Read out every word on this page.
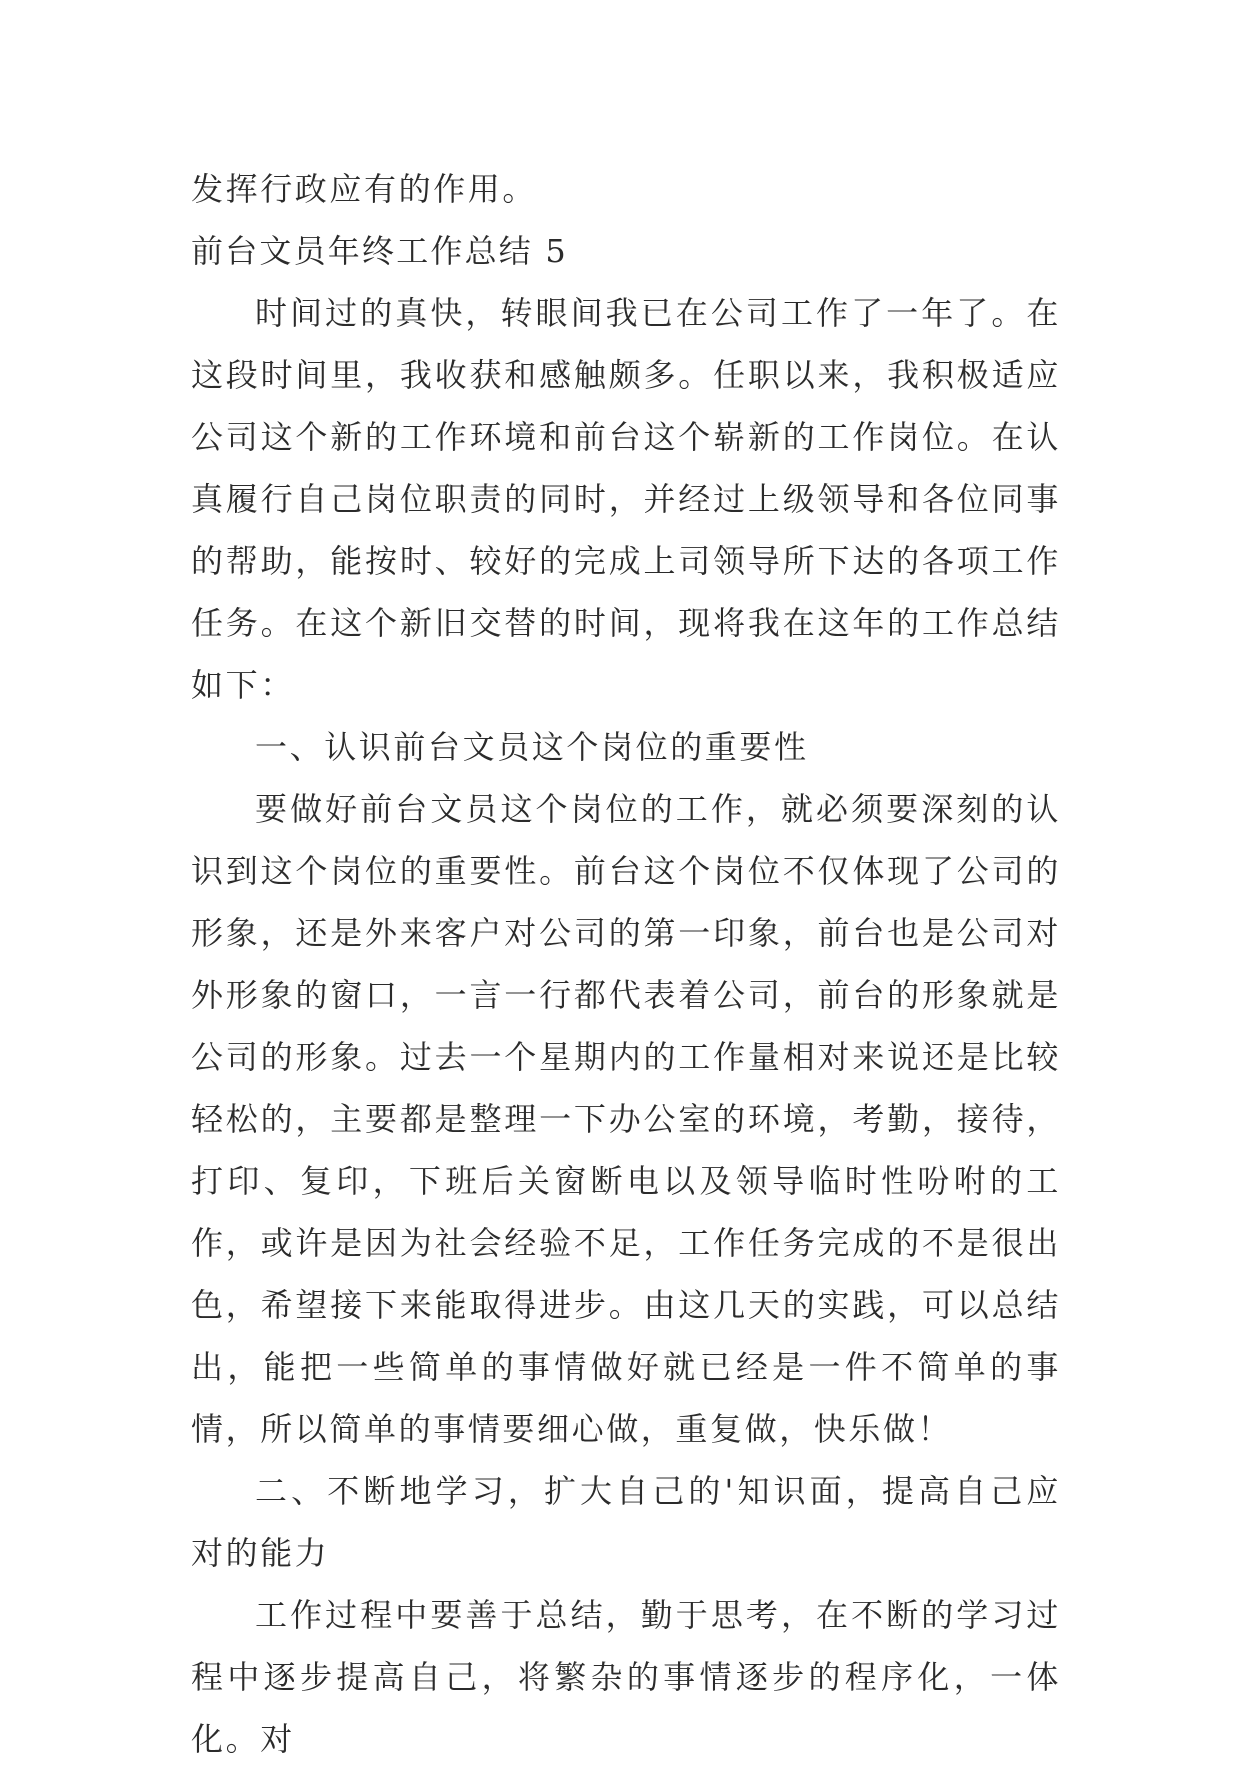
发挥行政应有的作用。

前台文员年终工作总结 5

时间过的真快，转眼间我已在公司工作了一年了。在这段时间里，我收获和感触颇多。任职以来，我积极适应公司这个新的工作环境和前台这个崭新的工作岗位。在认真履行自己岗位职责的同时，并经过上级领导和各位同事的帮助，能按时、较好的完成上司领导所下达的各项工作任务。在这个新旧交替的时间，现将我在这年的工作总结如下：

一、认识前台文员这个岗位的重要性

要做好前台文员这个岗位的工作，就必须要深刻的认识到这个岗位的重要性。前台这个岗位不仅体现了公司的形象，还是外来客户对公司的第一印象，前台也是公司对外形象的窗口，一言一行都代表着公司，前台的形象就是公司的形象。过去一个星期内的工作量相对来说还是比较轻松的，主要都是整理一下办公室的环境，考勤，接待，打印、复印，下班后关窗断电以及领导临时性吩咐的工作，或许是因为社会经验不足，工作任务完成的不是很出色，希望接下来能取得进步。由这几天的实践，可以总结出，能把一些简单的事情做好就已经是一件不简单的事情，所以简单的事情要细心做，重复做，快乐做！

二、不断地学习，扩大自己的'知识面，提高自己应对的能力

工作过程中要善于总结，勤于思考，在不断的学习过程中逐步提高自己，将繁杂的事情逐步的程序化，一体化。对
